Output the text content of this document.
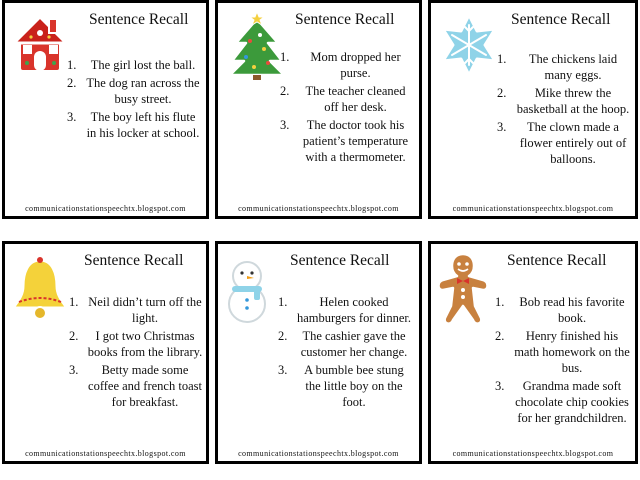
Sentence Recall
1. The girl lost the ball.
2. The dog ran across the busy street.
3. The boy left his flute in his locker at school.
communicationstationspeechtx.blogspot.com
Sentence Recall
1. Mom dropped her purse.
2. The teacher cleaned off her desk.
3. The doctor took his patient’s temperature with a thermometer.
communicationstationspeechtx.blogspot.com
Sentence Recall
1. The chickens laid many eggs.
2. Mike threw the basketball at the hoop.
3. The clown made a flower entirely out of balloons.
communicationstationspeechtx.blogspot.com
Sentence Recall
1. Neil didn’t turn off the light.
2. I got two Christmas books from the library.
3. Betty made some coffee and french toast for breakfast.
communicationstationspeechtx.blogspot.com
Sentence Recall
1.	Helen cooked hamburgers for dinner.
2. The cashier gave the customer her change.
3. A bumble bee stung the little boy on the foot.
communicationstationspeechtx.blogspot.com
Sentence Recall
1. Bob read his favorite book.
2. Henry finished his math homework on the bus.
3. Grandma made soft chocolate chip cookies for her grandchildren.
communicationstationspeechtx.blogspot.com
